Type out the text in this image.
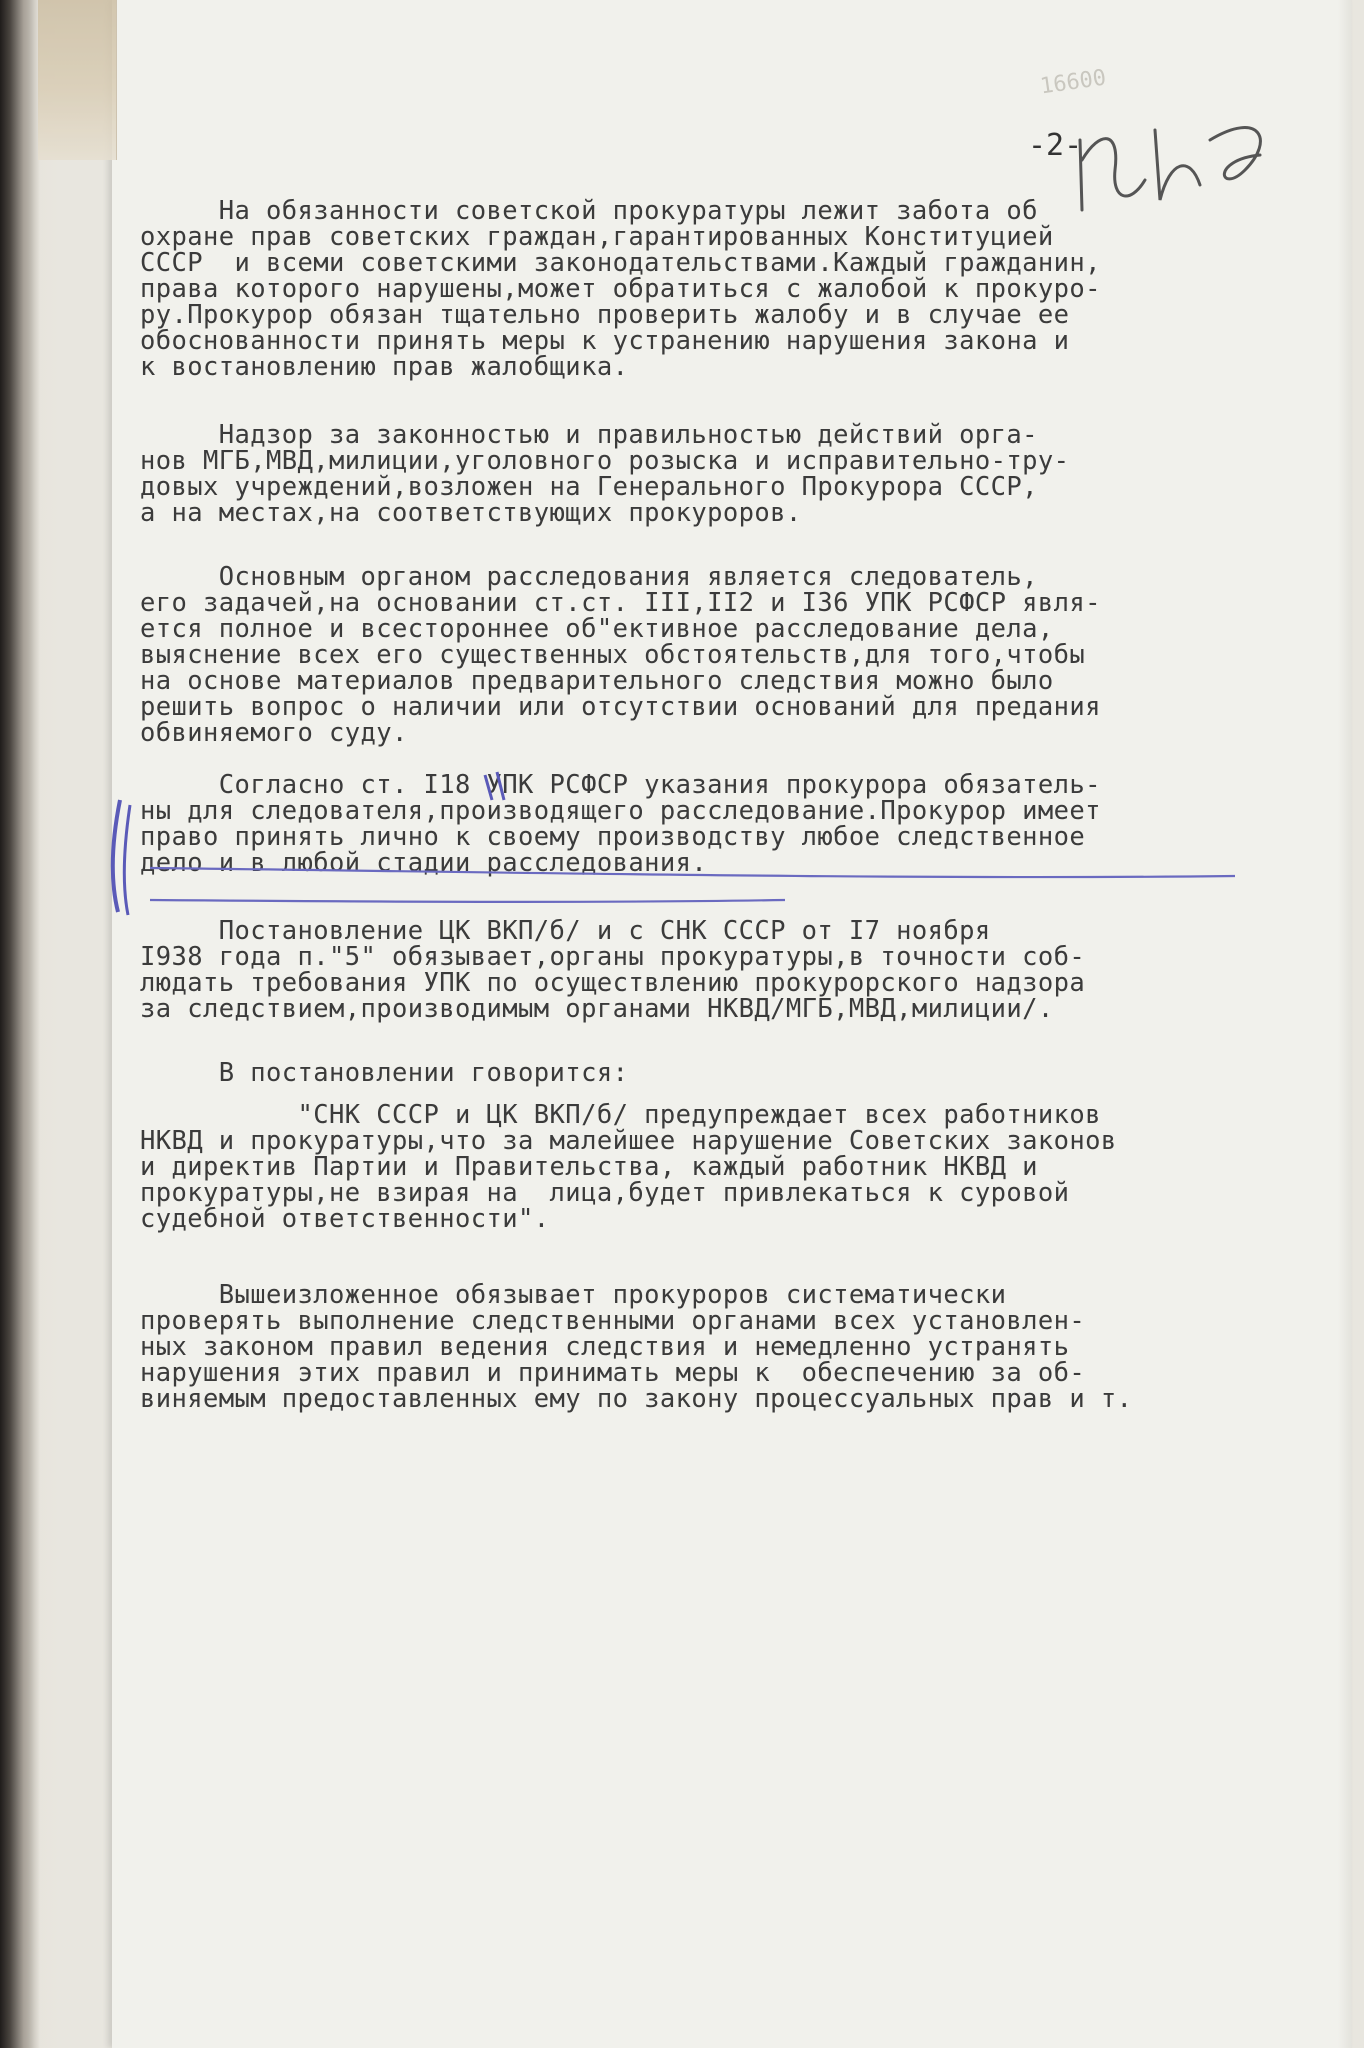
16600
-2-
На обязанности советской прокуратуры лежит забота об
охране прав советских граждан,гарантированных Конституцией
СССР  и всеми советскими законодательствами.Каждый гражданин,
права которого нарушены,может обратиться с жалобой к прокуро-
ру.Прокурор обязан тщательно проверить жалобу и в случае ее
обоснованности принять меры к устранению нарушения закона и
к востановлению прав жалобщика.
Надзор за законностью и правильностью действий орга-
нов МГБ,МВД,милиции,уголовного розыска и исправительно-тру-
довых учреждений,возложен на Генерального Прокурора СССР,
а на местах,на соответствующих прокуроров.
Основным органом расследования является следователь,
его задачей,на основании ст.ст. III,II2 и I36 УПК РСФСР явля-
ется полное и всестороннее об"ективное расследование дела,
выяснение всех его существенных обстоятельств,для того,чтобы
на основе материалов предварительного следствия можно было
решить вопрос о наличии или отсутствии оснований для предания
обвиняемого суду.
Согласно ст. I18 УПК РСФСР указания прокурора обязатель-
ны для следователя,производящего расследование.Прокурор имеет
право принять лично к своему производству любое следственное
дело и в любой стадии расследования.
Постановление ЦК ВКП/б/ и с СНК СССР от I7 ноября
I938 года п."5" обязывает,органы прокуратуры,в точности соб-
людать требования УПК по осуществлению прокурорского надзора
за следствием,производимым органами НКВД/МГБ,МВД,милиции/.
В постановлении говорится:
"СНК СССР и ЦК ВКП/б/ предупреждает всех работников
НКВД и прокуратуры,что за малейшее нарушение Советских законов
и директив Партии и Правительства, каждый работник НКВД и
прокуратуры,не взирая на  лица,будет привлекаться к суровой
судебной ответственности".
Вышеизложенное обязывает прокуроров систематически
проверять выполнение следственными органами всех установлен-
ных законом правил ведения следствия и немедленно устранять
нарушения этих правил и принимать меры к  обеспечению за об-
виняемым предоставленных ему по закону процессуальных прав и т.
